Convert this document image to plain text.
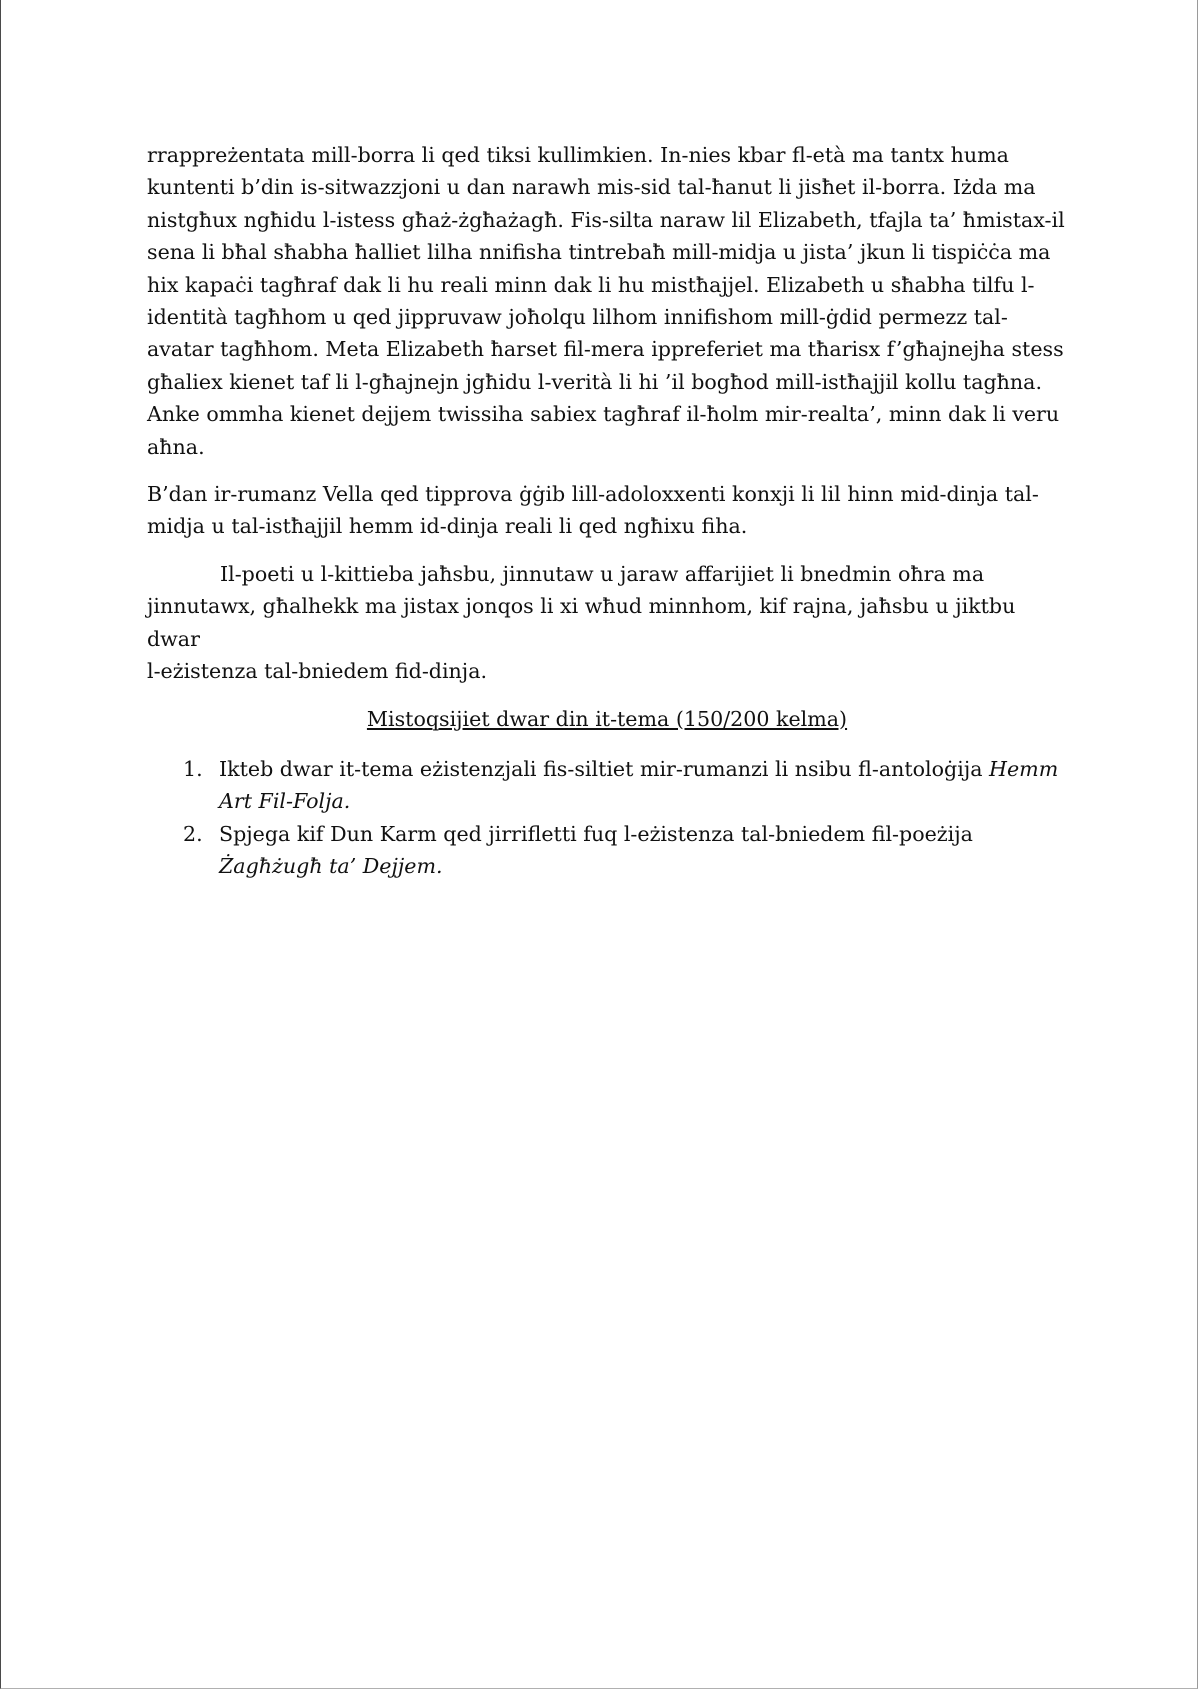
rrappreżentata mill-borra li qed tiksi kullimkien. In-nies kbar fl-età ma tantx huma
kuntenti b’din is-sitwazzjoni u dan narawh mis-sid tal-ħanut li jisħet il-borra. Iżda ma
nistgħux ngħidu l-istess għaż-żgħażagħ. Fis-silta naraw lil Elizabeth, tfajla ta’ ħmistax-il
sena li bħal sħabha ħalliet lilha nnifisha tintrebaħ mill-midja u jista’ jkun li tispiċċa ma
hix kapaċi tagħraf dak li hu reali minn dak li hu mistħajjel. Elizabeth u sħabha tilfu l-
identità tagħhom u qed jippruvaw joħolqu lilhom innifishom mill-ġdid permezz tal-
avatar tagħhom. Meta Elizabeth ħarset fil-mera ippreferiet ma tħarisx f’għajnejha stess
għaliex kienet taf li l-għajnejn jgħidu l-verità li hi ’il bogħod mill-istħajjil kollu tagħna.
Anke ommha kienet dejjem twissiha sabiex tagħraf il-ħolm mir-realta’, minn dak li veru
aħna.

B’dan ir-rumanz Vella qed tipprova ġġib lill-adoloxxenti konxji li lil hinn mid-dinja tal-
midja u tal-istħajjil hemm id-dinja reali li qed ngħixu fiha.

Il-poeti u l-kittieba jaħsbu, jinnutaw u jaraw affarijiet li bnedmin oħra ma
jinnutawx, għalhekk ma jistax jonqos li xi wħud minnhom, kif rajna, jaħsbu u jiktbu dwar
l-eżistenza tal-bniedem fid-dinja.

Mistoqsijiet dwar din it-tema (150/200 kelma)

1. Ikteb dwar it-tema eżistenzjali fis-siltiet mir-rumanzi li nsibu fl-antoloġija Hemm
Art Fil-Folja.
2. Spjega kif Dun Karm qed jirrifletti fuq l-eżistenza tal-bniedem fil-poeżija
Żagħżugħ ta’ Dejjem.
